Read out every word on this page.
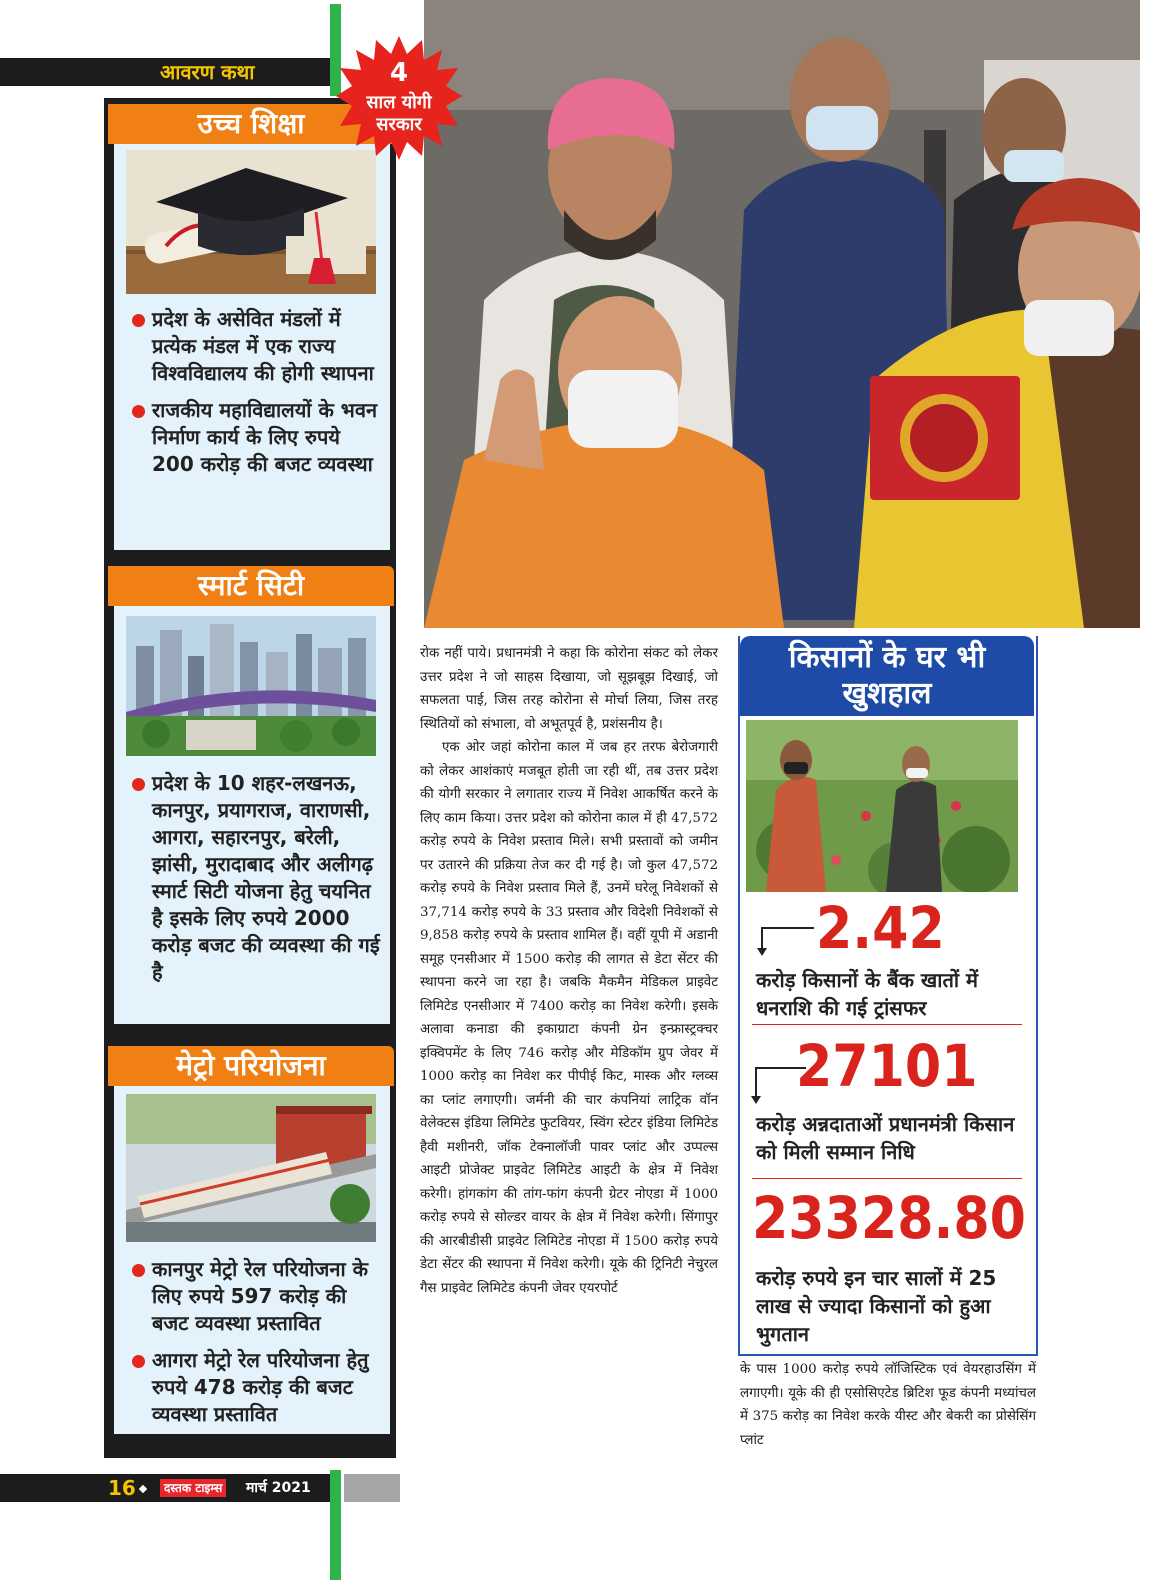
आवरण कथा
उच्च शिक्षा
प्रदेश के असेवित मंडलों में प्रत्येक मंडल में एक राज्य विश्वविद्यालय की होगी स्थापना
राजकीय महाविद्यालयों के भवन निर्माण कार्य के लिए रुपये 200 करोड़ की बजट व्यवस्था
स्मार्ट सिटी
प्रदेश के 10 शहर-लखनऊ, कानपुर, प्रयागराज, वाराणसी, आगरा, सहारनपुर, बरेली, झांसी, मुरादाबाद और अलीगढ़ स्मार्ट सिटी योजना हेतु चयनित है इसके लिए रुपये 2000 करोड़ बजट की व्यवस्था की गई है
मेट्रो परियोजना
कानपुर मेट्रो रेल परियोजना के लिए रुपये 597 करोड़ की बजट व्यवस्था प्रस्तावित
आगरा मेट्रो रेल परियोजना हेतु रुपये 478 करोड़ की बजट व्यवस्था प्रस्तावित
4
साल योगी सरकार

रोक नहीं पाये। प्रधानमंत्री ने कहा कि कोरोना संकट को लेकर उत्तर प्रदेश ने जो साहस दिखाया, जो सूझबूझ दिखाई, जो सफलता पाई, जिस तरह कोरोना से मोर्चा लिया, जिस तरह स्थितियों को संभाला, वो अभूतपूर्व है, प्रशंसनीय है।

एक ओर जहां कोरोना काल में जब हर तरफ बेरोजगारी को लेकर आशंकाएं मजबूत होती जा रही थीं, तब उत्तर प्रदेश की योगी सरकार ने लगातार राज्य में निवेश आकर्षित करने के लिए काम किया। उत्तर प्रदेश को कोरोना काल में ही 47,572 करोड़ रुपये के निवेश प्रस्ताव मिले। सभी प्रस्तावों को जमीन पर उतारने की प्रक्रिया तेज कर दी गई है। जो कुल 47,572 करोड़ रुपये के निवेश प्रस्ताव मिले हैं, उनमें घरेलू निवेशकों से 37,714 करोड़ रुपये के 33 प्रस्ताव और विदेशी निवेशकों से 9,858 करोड़ रुपये के प्रस्ताव शामिल हैं। वहीं यूपी में अडानी समूह एनसीआर में 1500 करोड़ की लागत से डेटा सेंटर की स्थापना करने जा रहा है। जबकि मैकमैन मेडिकल प्राइवेट लिमिटेड एनसीआर में 7400 करोड़ का निवेश करेगी। इसके अलावा कनाडा की इकाग्राटा कंपनी ग्रेन इन्फ्रास्ट्रक्चर इक्विपमेंट के लिए 746 करोड़ और मेडिकॉम ग्रुप जेवर में 1000 करोड़ का निवेश कर पीपीई किट, मास्क और ग्लव्स का प्लांट लगाएगी। जर्मनी की चार कंपनियां लाट्रिक वॉन वेलेक्टस इंडिया लिमिटेड फुटवियर, स्विंग स्टेटर इंडिया लिमिटेड हैवी मशीनरी, जॉक टेक्नालॉजी पावर प्लांट और उप्पल्स आइटी प्रोजेक्ट प्राइवेट लिमिटेड आइटी के क्षेत्र में निवेश करेगी। हांगकांग की तांग-फांग कंपनी ग्रेटर नोएडा में 1000 करोड़ रुपये से सोल्डर वायर के क्षेत्र में निवेश करेगी। सिंगापुर की आरबीडीसी प्राइवेट लिमिटेड नोएडा में 1500 करोड़ रुपये डेटा सेंटर की स्थापना में निवेश करेगी। यूके की ट्रिनिटी नेचुरल गैस प्राइवेट लिमिटेड कंपनी जेवर एयरपोर्ट

किसानों के घर भी
खुशहाल
2.42
करोड़ किसानों के बैंक खातों में धनराशि की गई ट्रांसफर
27101
करोड़ अन्नदाताओं प्रधानमंत्री किसान को मिली सम्मान निधि
23328.80
करोड़ रुपये इन चार सालों में 25 लाख से ज्यादा किसानों को हुआ भुगतान
के पास 1000 करोड़ रुपये लॉजिस्टिक एवं वेयरहाउसिंग में लगाएगी। यूके की ही एसोसिएटेड ब्रिटिश फूड कंपनी मध्यांचल में 375 करोड़ का निवेश करके यीस्ट और बेकरी का प्रोसेसिंग प्लांट
16	दस्तक टाइम्स मार्च 2021
